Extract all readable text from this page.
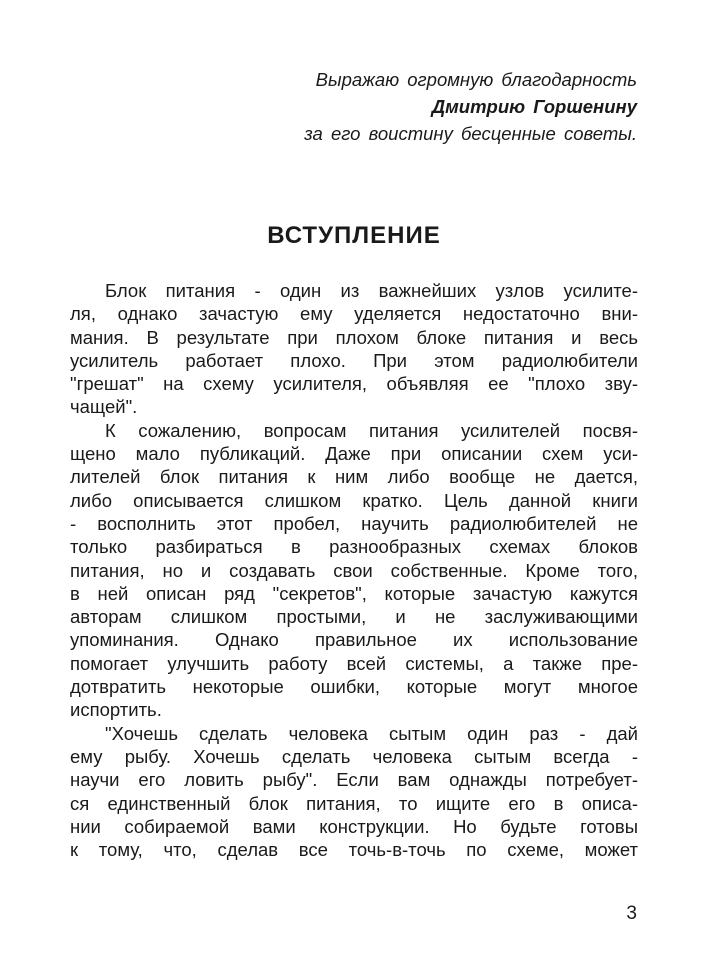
Выражаю огромную благодарность
Дмитрию Горшенину
за его воистину бесценные советы.
ВСТУПЛЕНИЕ
Блок питания - один из важнейших узлов усилите-
ля, однако зачастую ему уделяется недостаточно вни-
мания. В результате при плохом блоке питания и весь
усилитель работает плохо. При этом радиолюбители
"грешат" на схему усилителя, объявляя ее "плохо зву-
чащей".
К сожалению, вопросам питания усилителей посвя-
щено мало публикаций. Даже при описании схем уси-
лителей блок питания к ним либо вообще не дается,
либо описывается слишком кратко. Цель данной книги
- восполнить этот пробел, научить радиолюбителей не
только разбираться в разнообразных схемах блоков
питания, но и создавать свои собственные. Кроме того,
в ней описан ряд "секретов", которые зачастую кажутся
авторам слишком простыми, и не заслуживающими
упоминания. Однако правильное их использование
помогает улучшить работу всей системы, а также пре-
дотвратить некоторые ошибки, которые могут многое
испортить.
"Хочешь сделать человека сытым один раз - дай
ему рыбу. Хочешь сделать человека сытым всегда -
научи его ловить рыбу". Если вам однажды потребует-
ся единственный блок питания, то ищите его в описа-
нии собираемой вами конструкции. Но будьте готовы
к тому, что, сделав все точь-в-точь по схеме, может
3
